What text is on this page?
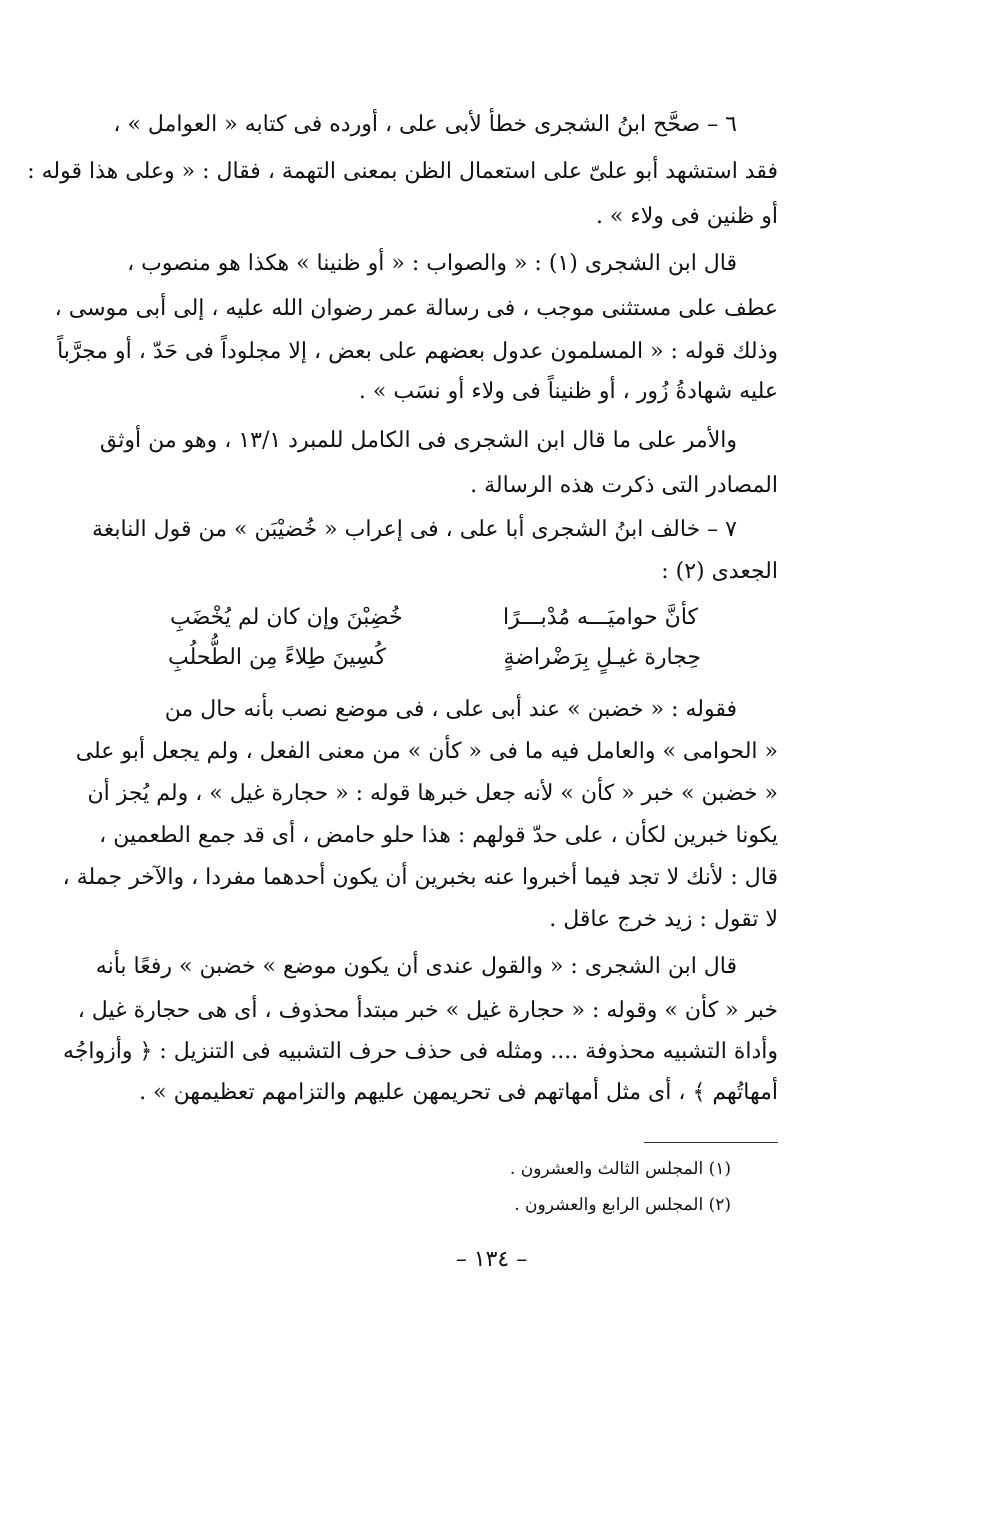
٦ – صحَّح ابنُ الشجرى خطأ لأبى على ، أورده فى كتابه « العوامل » ،
فقد استشهد أبو علىّ على استعمال الظن بمعنى التهمة ، فقال : « وعلى هذا قوله :
أو ظنين فى ولاء » .
قال ابن الشجرى (١) : « والصواب : « أو ظنينا » هكذا هو منصوب ،
عطف على مستثنى موجب ، فى رسالة عمر رضوان الله عليه ، إلى أبى موسى ،
وذلك قوله : « المسلمون عدول بعضهم على بعض ، إلا مجلوداً فى حَدّ ، أو مجرَّباً
عليه شهادةُ زُور ، أو ظنيناً فى ولاء أو نسَب » .
والأمر على ما قال ابن الشجرى فى الكامل للمبرد ١٣/١ ، وهو من أوثق
المصادر التى ذكرت هذه الرسالة .
٧ – خالف ابنُ الشجرى أبا على ، فى إعراب « خُضيْبَن » من قول النابغة
الجعدى (٢) :
كأنَّ حواميَـــه مُدْبـــرًا
خُضِبْنَ وإن كان لم يُخْضَبِ
حِجارة غيـلٍ بِرَضْراضةٍ
كُسِينَ طِلاءً مِن الطُّحلُبِ
فقوله : « خضبن » عند أبى على ، فى موضع نصب بأنه حال من
« الحوامى » والعامل فيه ما فى « كأن » من معنى الفعل ، ولم يجعل أبو على
« خضبن » خبر « كأن » لأنه جعل خبرها قوله : « حجارة غيل » ، ولم يُجز أن
يكونا خبرين لكأن ، على حدّ قولهم : هذا حلو حامض ، أى قد جمع الطعمين ،
قال : لأنك لا تجد فيما أخبروا عنه بخبرين أن يكون أحدهما مفردا ، والآخر جملة ،
لا تقول : زيد خرج عاقل .
قال ابن الشجرى : « والقول عندى أن يكون موضع » خضبن » رفعًا بأنه
خبر « كأن » وقوله : « حجارة غيل » خبر مبتدأ محذوف ، أى هى حجارة غيل ،
وأداة التشبيه محذوفة .... ومثله فى حذف حرف التشبيه فى التنزيل : ﴿ وأزواجُه
أمهاتُهم ﴾ ، أى مثل أمهاتهم فى تحريمهن عليهم والتزامهم تعظيمهن » .
(١) المجلس الثالث والعشرون .
(٢) المجلس الرابع والعشرون .
– ١٣٤ –
